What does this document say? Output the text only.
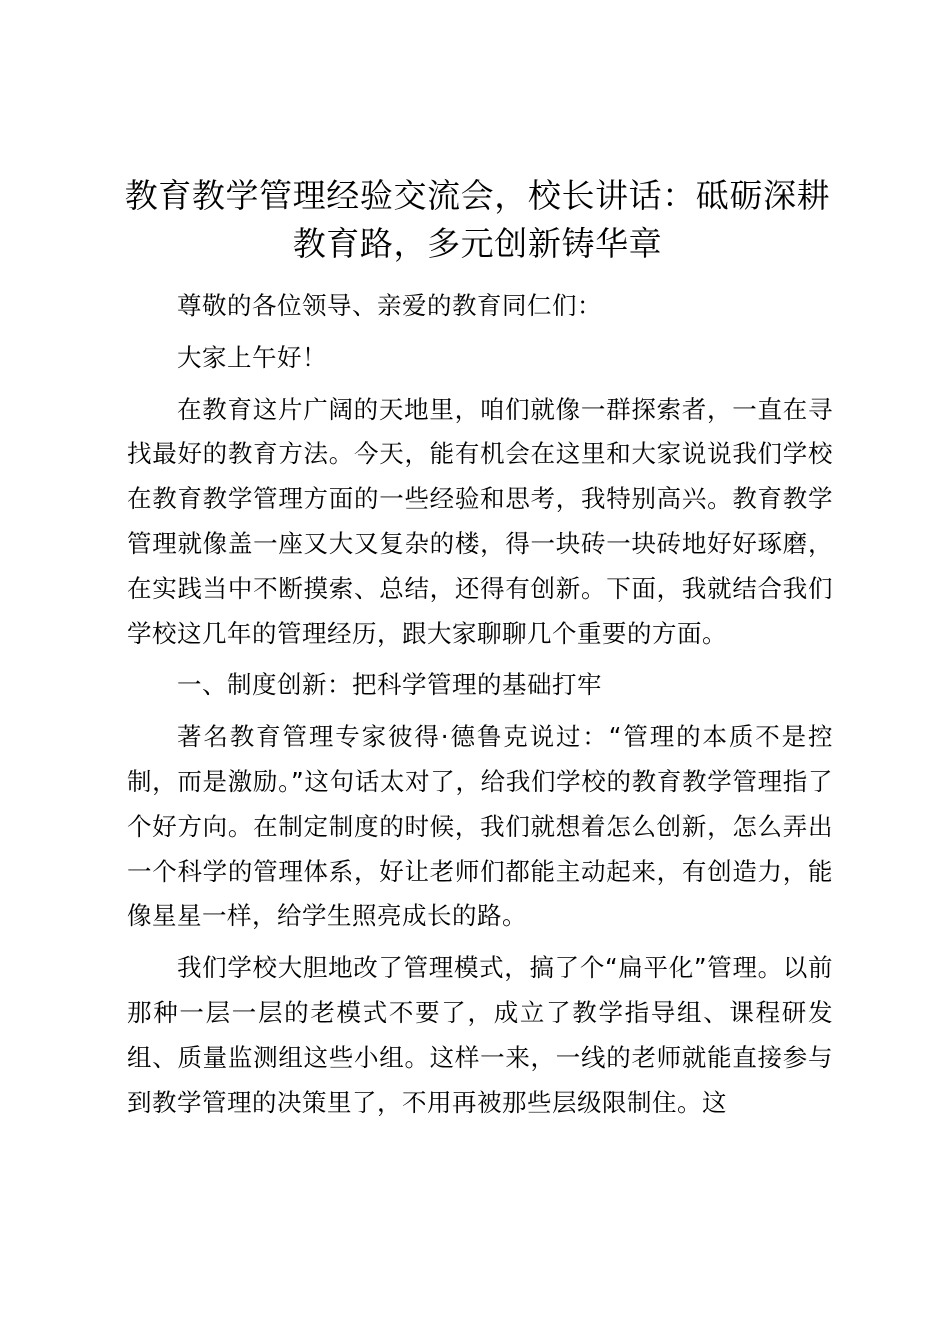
教育教学管理经验交流会，校长讲话：砥砺深耕教育路，多元创新铸华章

尊敬的各位领导、亲爱的教育同仁们：

大家上午好！

在教育这片广阔的天地里，咱们就像一群探索者，一直在寻找最好的教育方法。今天，能有机会在这里和大家说说我们学校在教育教学管理方面的一些经验和思考，我特别高兴。教育教学管理就像盖一座又大又复杂的楼，得一块砖一块砖地好好琢磨，在实践当中不断摸索、总结，还得有创新。下面，我就结合我们学校这几年的管理经历，跟大家聊聊几个重要的方面。

一、制度创新：把科学管理的基础打牢

著名教育管理专家彼得·德鲁克说过：“管理的本质不是控制，而是激励。”这句话太对了，给我们学校的教育教学管理指了个好方向。在制定制度的时候，我们就想着怎么创新，怎么弄出一个科学的管理体系，好让老师们都能主动起来，有创造力，能像星星一样，给学生照亮成长的路。

我们学校大胆地改了管理模式，搞了个“扁平化”管理。以前那种一层一层的老模式不要了，成立了教学指导组、课程研发组、质量监测组这些小组。这样一来，一线的老师就能直接参与到教学管理的决策里了，不用再被那些层级限制住。这
